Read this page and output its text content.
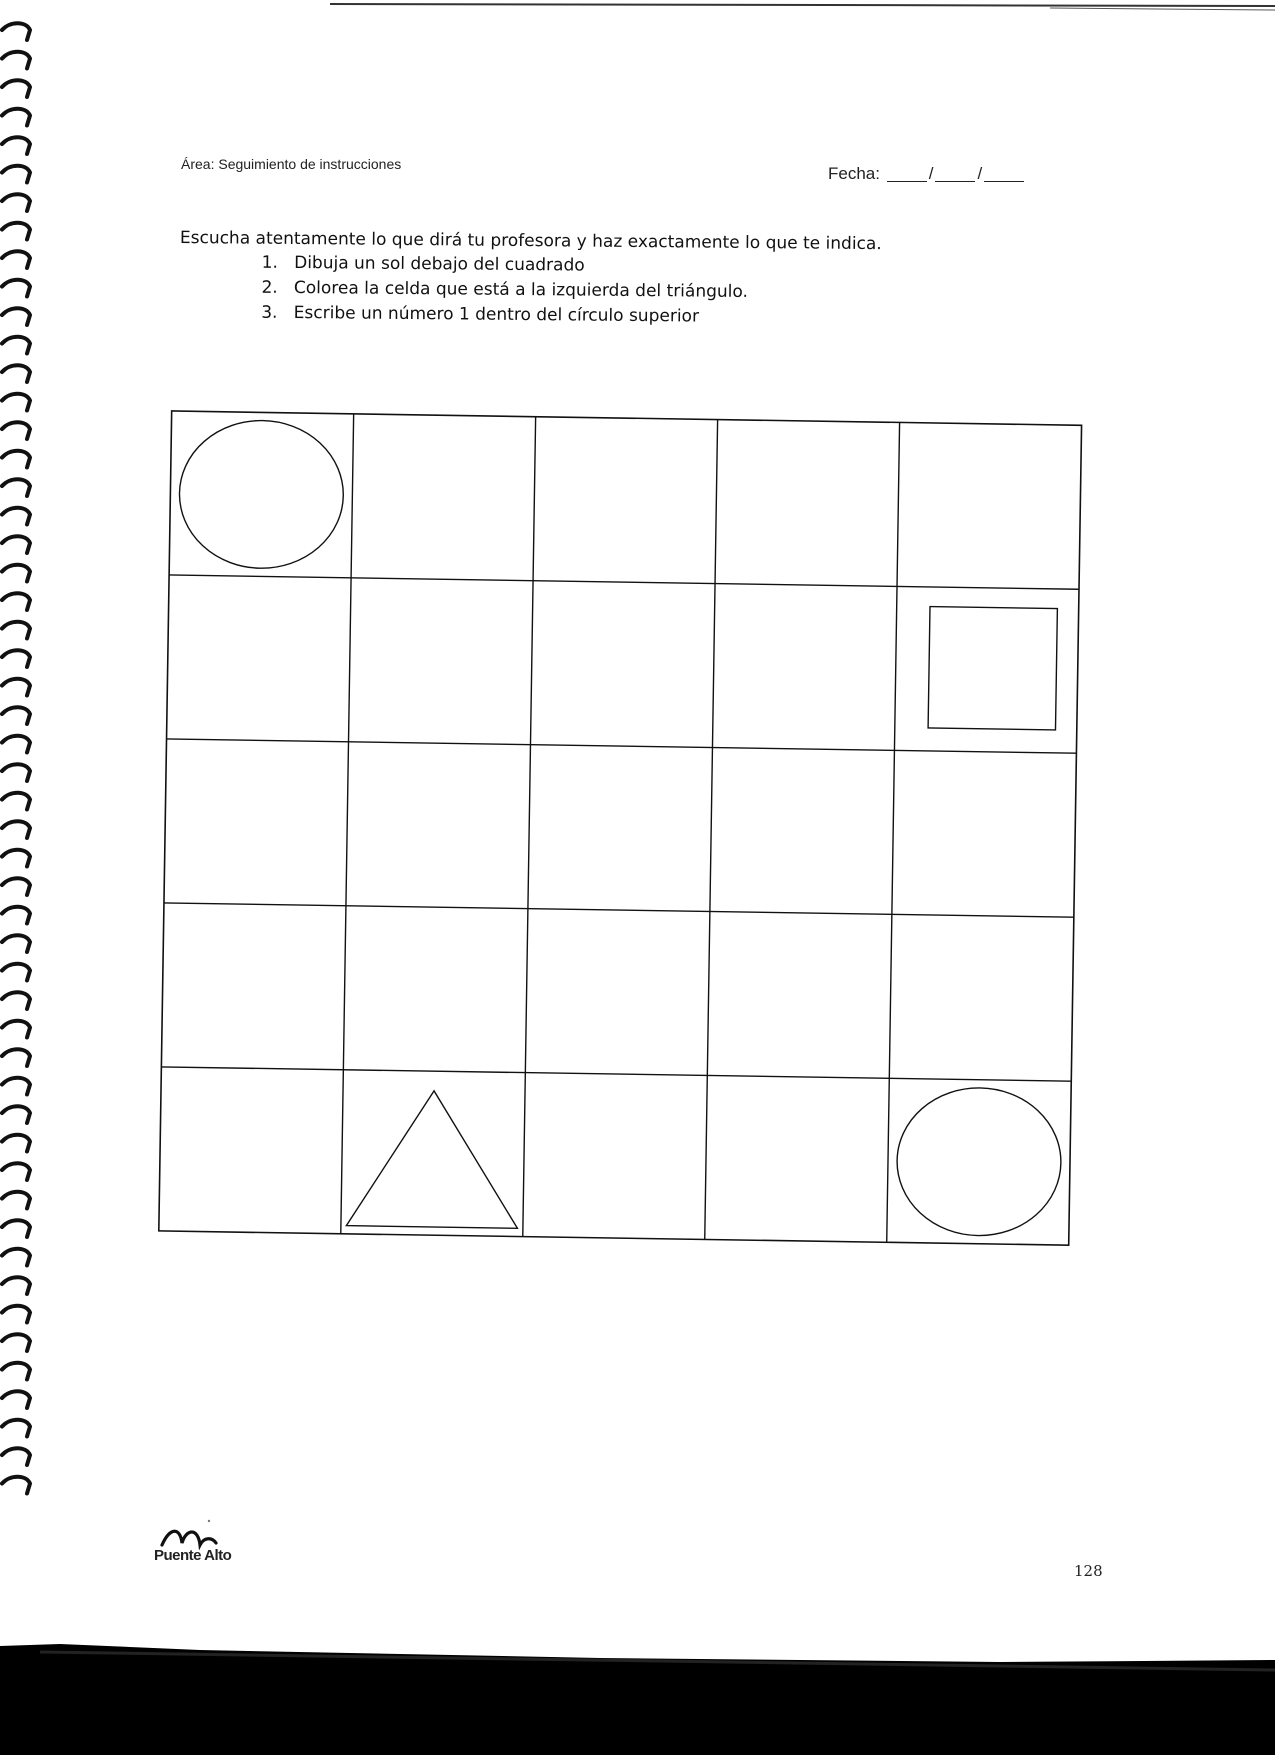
Área: Seguimiento de instrucciones	Fecha:	/	/

Escucha atentamente lo que dirá tu profesora y haz exactamente lo que te indica.

1. Dibuja un sol debajo del cuadrado
2. Colorea la celda que está a la izquierda del triángulo.
3. Escribe un número 1 dentro del círculo superior
Puente Alto
128
